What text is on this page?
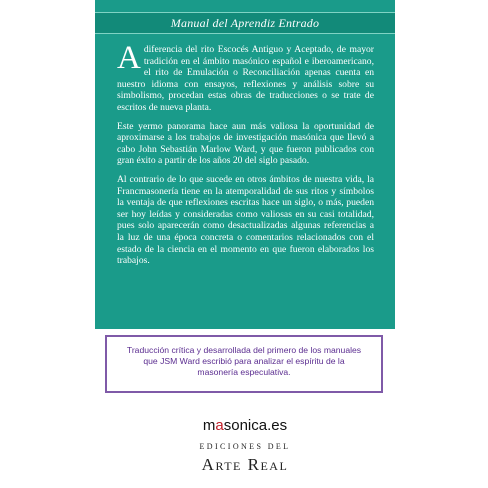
Manual del Aprendiz Entrado

A diferencia del rito Escocés Antiguo y Aceptado, de mayor tradición en el ámbito masónico español e iberoamericano, el rito de Emulación o Reconciliación apenas cuenta en nuestro idioma con ensayos, reflexiones y análisis sobre su simbolismo, procedan estas obras de traducciones o se trate de escritos de nueva planta.

Este yermo panorama hace aun más valiosa la oportunidad de aproximarse a los trabajos de investigación masónica que llevó a cabo John Sebastián Marlow Ward, y que fueron publicados con gran éxito a partir de los años 20 del siglo pasado.

Al contrario de lo que sucede en otros ámbitos de nuestra vida, la Francmasonería tiene en la atemporalidad de sus ritos y símbolos la ventaja de que reflexiones escritas hace un siglo, o más, pueden ser hoy leídas y consideradas como valiosas en su casi totalidad, pues solo aparecerán como desactualizadas algunas referencias a la luz de una época concreta o comentarios relacionados con el estado de la ciencia en el momento en que fueron elaborados los trabajos.

Traducción crítica y desarrollada del primero de los manuales que JSM Ward escribió para analizar el espíritu de la masonería especulativa.
masonica.es
EDICIONES DEL
Arte Real
